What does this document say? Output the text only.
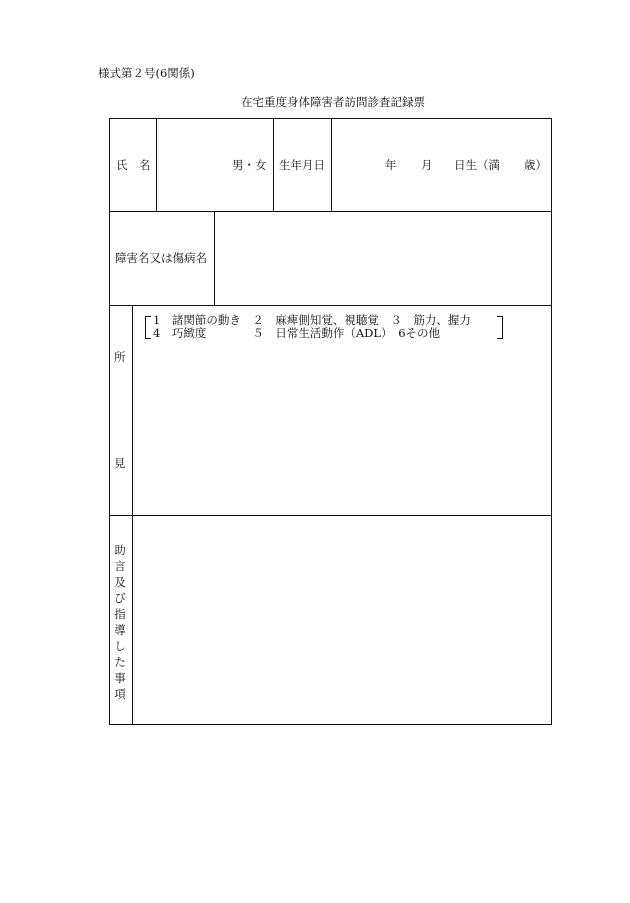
様式第２号(6関係)
在宅重度身体障害者訪問診査記録票
氏　名	男・女 生年月日	年 月 日生（満 歳）
障害名又は傷病名
所
見
1　諸関節の動き　２　麻痺側知覚、視聴覚　３　筋力、握力
4　巧緻度　　　　５　日常生活動作（ADL）　6その他
助
言
及
び
指
導
し
た
事
項
